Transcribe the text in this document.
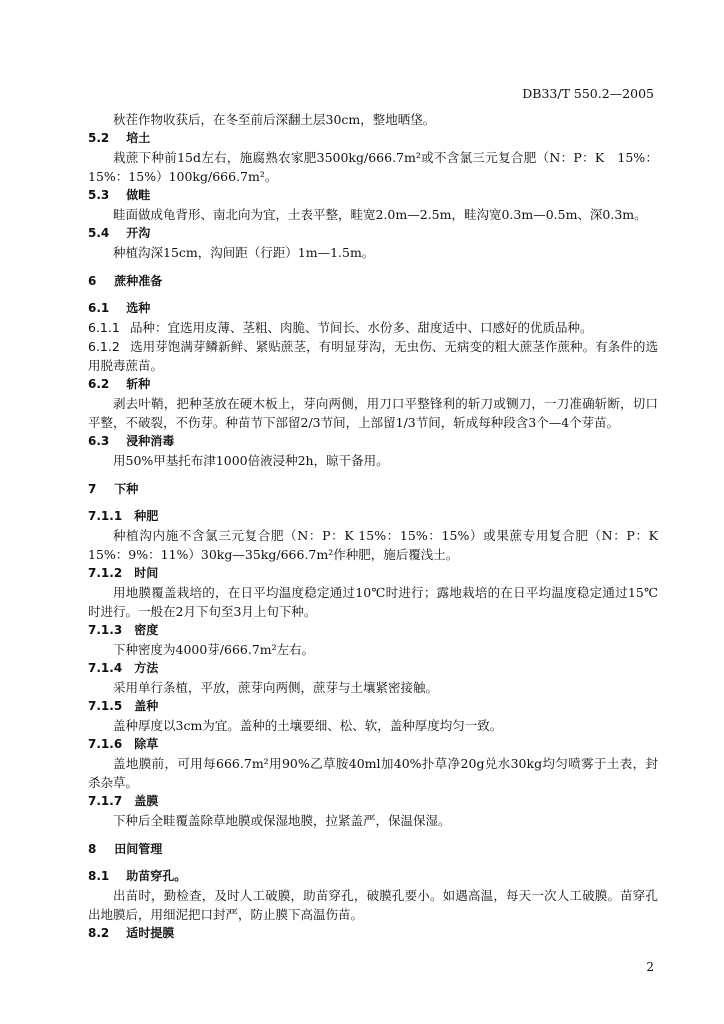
DB33/T 550.2—2005

秋茬作物收获后，在冬至前后深翻土层30cm，整地晒垡。

5.2 培土

栽蔗下种前15d左右，施腐熟农家肥3500kg/666.7m²或不含氯三元复合肥（N：P：K　15%：15%：15%）100kg/666.7m²。

5.3 做畦

畦面做成龟背形、南北向为宜，土表平整，畦宽2.0m—2.5m，畦沟宽0.3m—0.5m、深0.3m。

5.4 开沟

种植沟深15cm，沟间距（行距）1m—1.5m。

6 蔗种准备
6.1 选种

6.1.1 品种：宜选用皮薄、茎粗、肉脆、节间长、水份多、甜度适中、口感好的优质品种。

6.1.2 选用芽饱满芽鳞新鲜、紧贴蔗茎，有明显芽沟，无虫伤、无病变的粗大蔗茎作蔗种。有条件的选用脱毒蔗苗。

6.2 斩种

剥去叶鞘，把种茎放在硬木板上，芽向两侧，用刀口平整锋利的斩刀或铡刀，一刀准确斩断，切口平整，不破裂，不伤芽。种苗节下部留2/3节间，上部留1/3节间，斩成每种段含3个—4个芽苗。

6.3 浸种消毒

用50%甲基托布津1000倍液浸种2h，晾干备用。

7 下种
7.1.1 种肥

种植沟内施不含氯三元复合肥（N：P：K 15%：15%：15%）或果蔗专用复合肥（N：P：K 15%：9%：11%）30kg—35kg/666.7m²作种肥，施后覆浅土。

7.1.2 时间

用地膜覆盖栽培的，在日平均温度稳定通过10℃时进行；露地栽培的在日平均温度稳定通过15℃时进行。一般在2月下旬至3月上旬下种。

7.1.3 密度

下种密度为4000芽/666.7m²左右。

7.1.4 方法

采用单行条植，平放，蔗芽向两侧，蔗芽与土壤紧密接触。

7.1.5 盖种

盖种厚度以3cm为宜。盖种的土壤要细、松、软，盖种厚度均匀一致。

7.1.6 除草

盖地膜前，可用每666.7m²用90%乙草胺40ml加40%扑草净20g兑水30kg均匀喷雾于土表，封杀杂草。

7.1.7 盖膜

下种后全畦覆盖除草地膜或保湿地膜，拉紧盖严，保温保湿。

8 田间管理
8.1 助苗穿孔。

出苗时，勤检查，及时人工破膜，助苗穿孔，破膜孔要小。如遇高温，每天一次人工破膜。苗穿孔出地膜后，用细泥把口封严，防止膜下高温伤苗。

8.2 适时提膜
2
